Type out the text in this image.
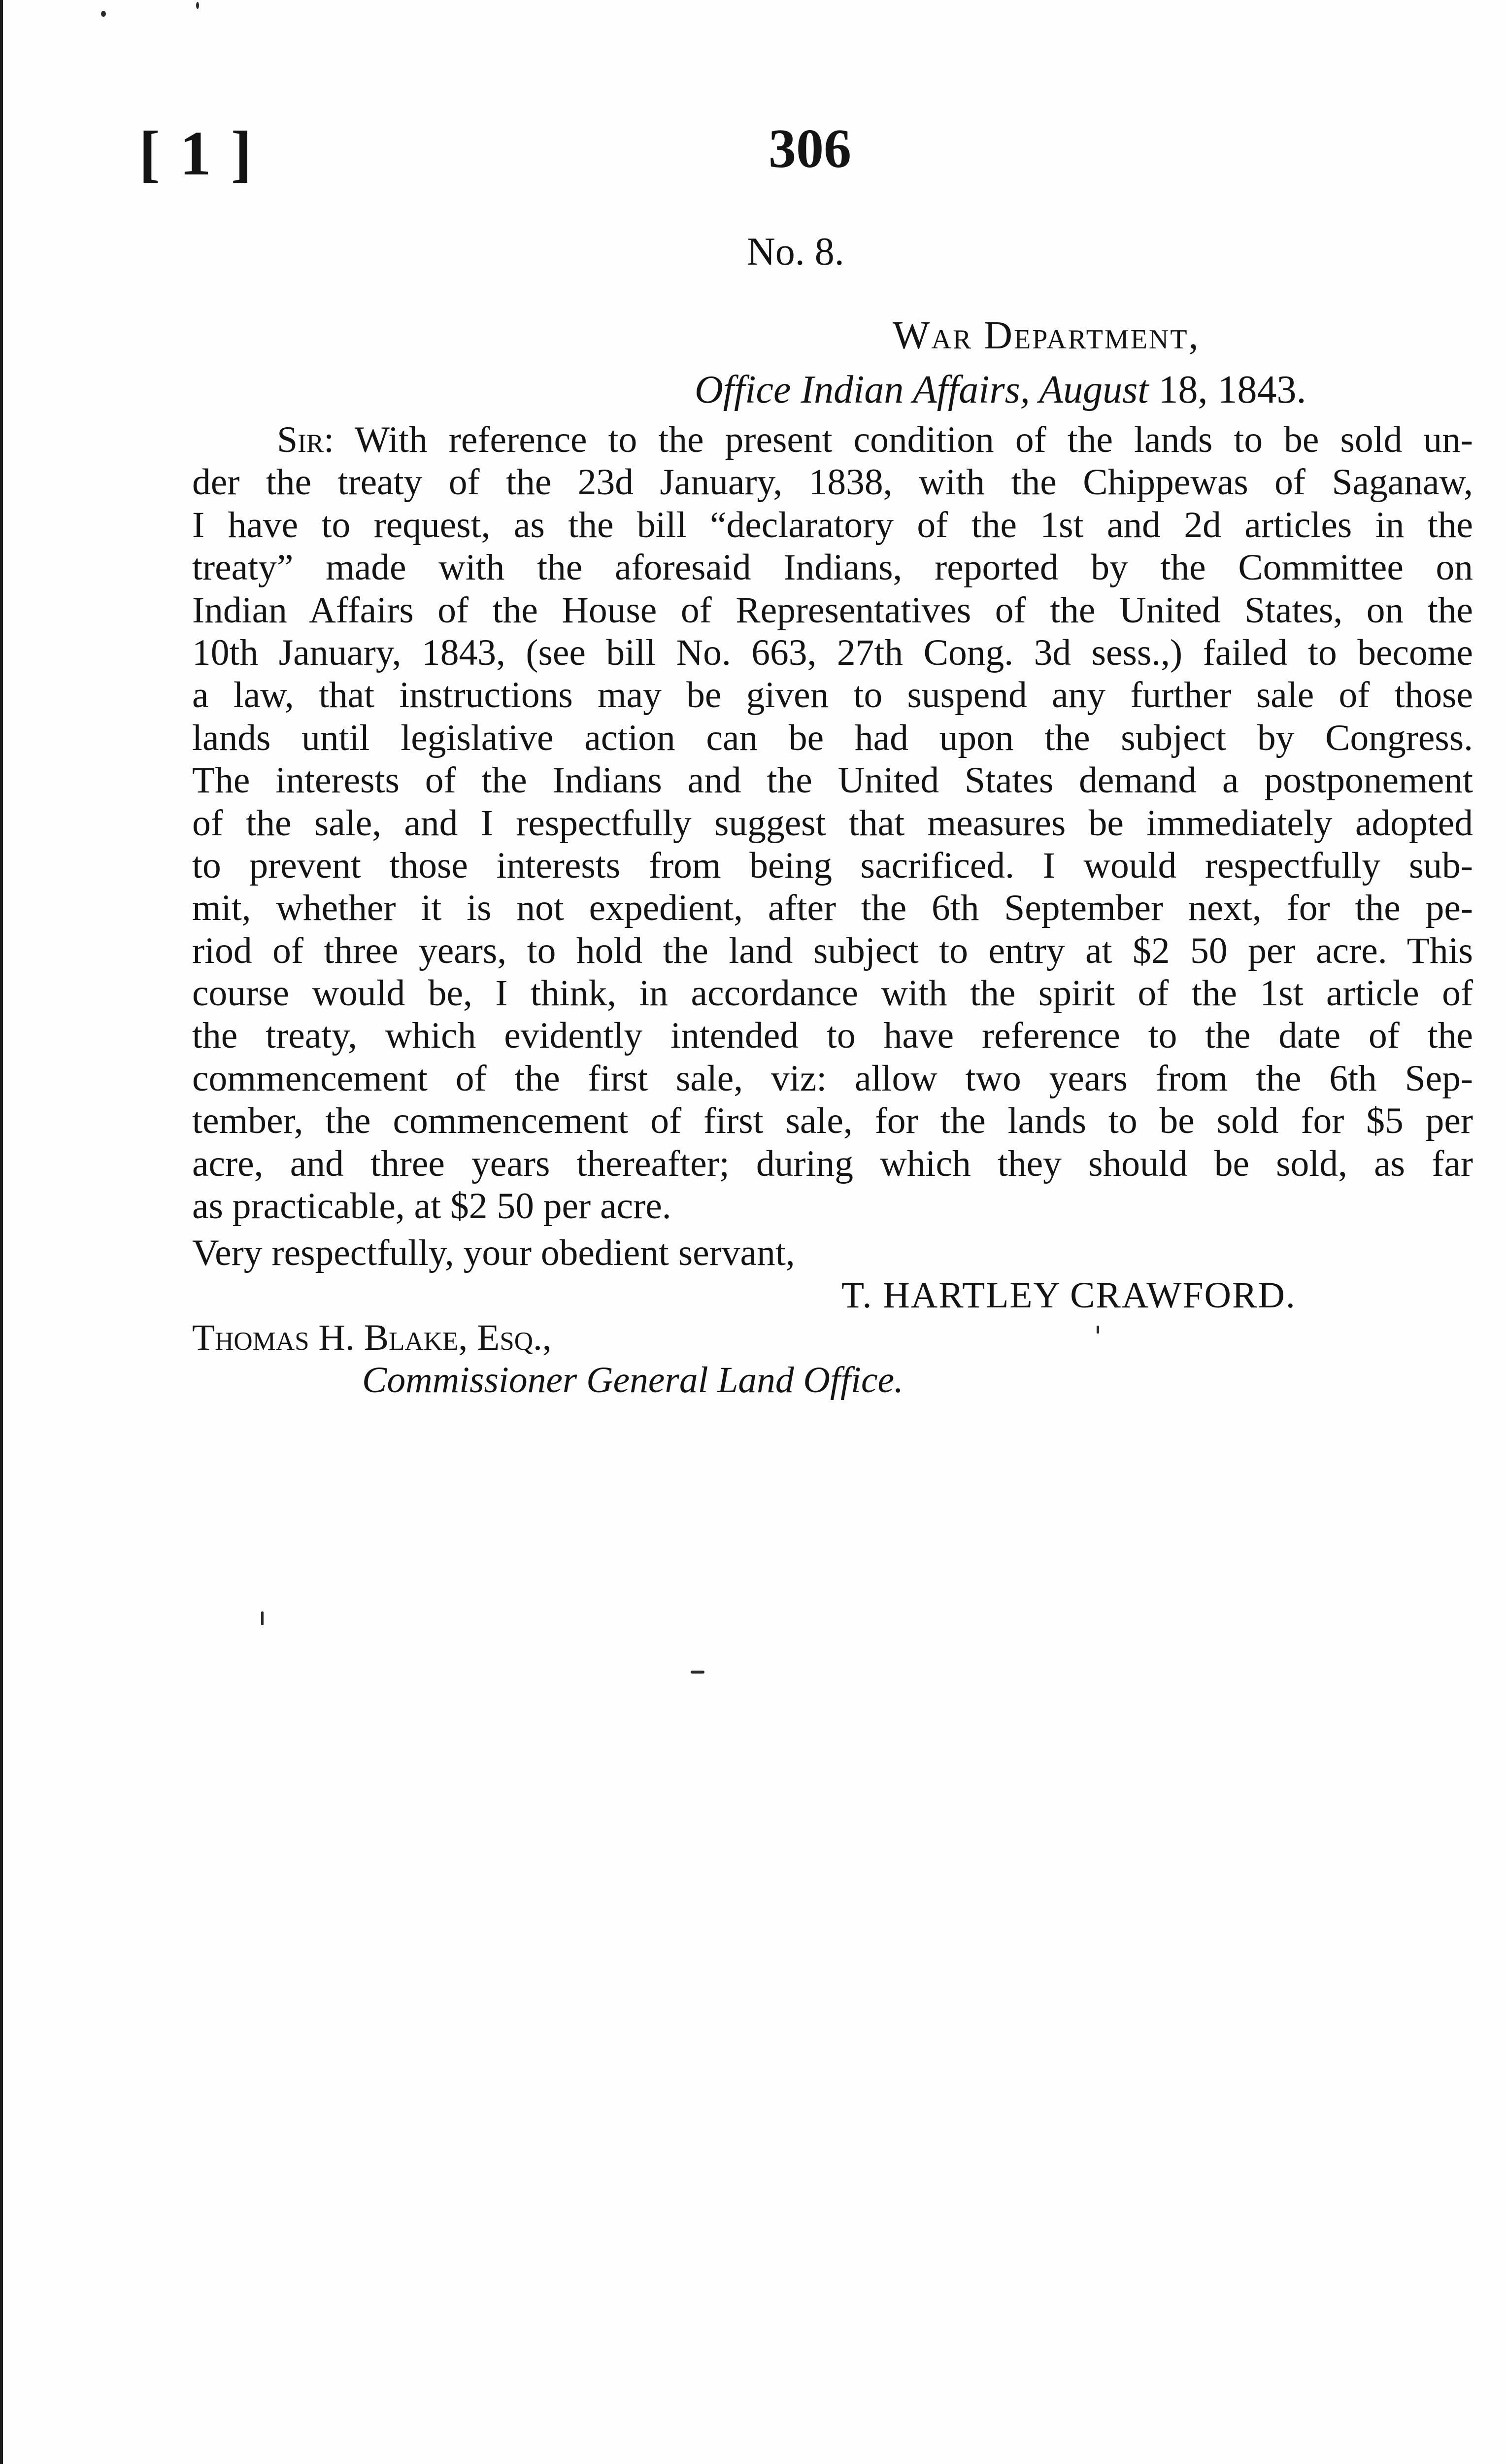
[ 1 ]	306
No. 8.
War Department,
Office Indian Affairs, August 18, 1843.
Sir: With reference to the present condition of the lands to be sold un-
der the treaty of the 23d January, 1838, with the Chippewas of Saganaw,
I have to request, as the bill “declaratory of the 1st and 2d articles in the
treaty” made with the aforesaid Indians, reported by the Committee on
Indian Affairs of the House of Representatives of the United States, on the
10th January, 1843, (see bill No. 663, 27th Cong. 3d sess.,) failed to become
a law, that instructions may be given to suspend any further sale of those
lands until legislative action can be had upon the subject by Congress.
The interests of the Indians and the United States demand a postponement
of the sale, and I respectfully suggest that measures be immediately adopted
to prevent those interests from being sacrificed. I would respectfully sub-
mit, whether it is not expedient, after the 6th September next, for the pe-
riod of three years, to hold the land subject to entry at $2 50 per acre. This
course would be, I think, in accordance with the spirit of the 1st article of
the treaty, which evidently intended to have reference to the date of the
commencement of the first sale, viz: allow two years from the 6th Sep-
tember, the commencement of first sale, for the lands to be sold for $5 per
acre, and three years thereafter; during which they should be sold, as far
as practicable, at $2 50 per acre.
Very respectfully, your obedient servant,
T. HARTLEY CRAWFORD.
Thomas H. Blake, Esq.,
Commissioner General Land Office.
